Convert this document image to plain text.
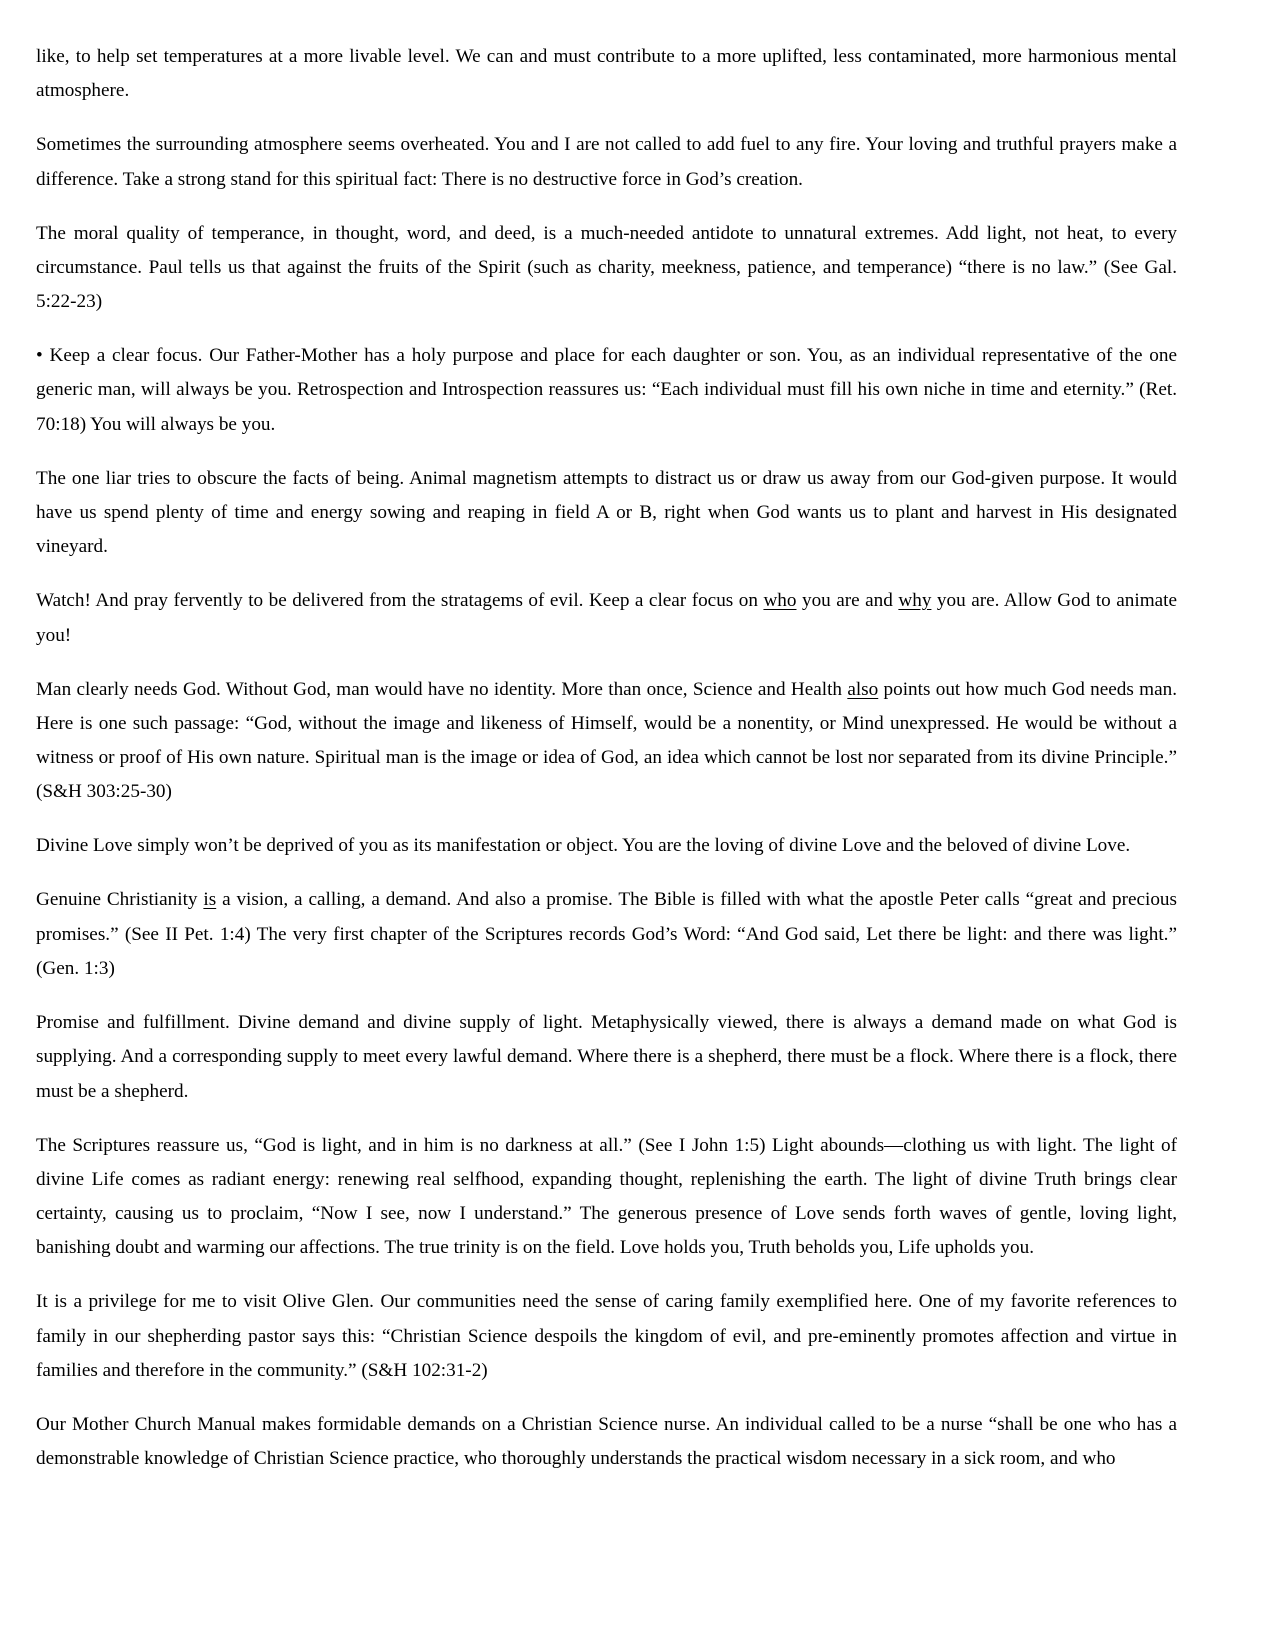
like, to help set temperatures at a more livable level. We can and must contribute to a more uplifted, less contaminated, more harmonious mental atmosphere.

Sometimes the surrounding atmosphere seems overheated. You and I are not called to add fuel to any fire. Your loving and truthful prayers make a difference. Take a strong stand for this spiritual fact: There is no destructive force in God’s creation.

The moral quality of temperance, in thought, word, and deed, is a much-needed antidote to unnatural extremes. Add light, not heat, to every circumstance. Paul tells us that against the fruits of the Spirit (such as charity, meekness, patience, and temperance) “there is no law.” (See Gal. 5:22-23)

• Keep a clear focus. Our Father-Mother has a holy purpose and place for each daughter or son. You, as an individual representative of the one generic man, will always be you. Retrospection and Introspection reassures us: “Each individual must fill his own niche in time and eternity.” (Ret. 70:18) You will always be you.

The one liar tries to obscure the facts of being. Animal magnetism attempts to distract us or draw us away from our God-given purpose. It would have us spend plenty of time and energy sowing and reaping in field A or B, right when God wants us to plant and harvest in His designated vineyard.

Watch! And pray fervently to be delivered from the stratagems of evil. Keep a clear focus on who you are and why you are. Allow God to animate you!

Man clearly needs God. Without God, man would have no identity. More than once, Science and Health also points out how much God needs man. Here is one such passage: “God, without the image and likeness of Himself, would be a nonentity, or Mind unexpressed. He would be without a witness or proof of His own nature. Spiritual man is the image or idea of God, an idea which cannot be lost nor separated from its divine Principle.” (S&H 303:25-30)

Divine Love simply won’t be deprived of you as its manifestation or object. You are the loving of divine Love and the beloved of divine Love.

Genuine Christianity is a vision, a calling, a demand. And also a promise. The Bible is filled with what the apostle Peter calls “great and precious promises.” (See II Pet. 1:4) The very first chapter of the Scriptures records God’s Word: “And God said, Let there be light: and there was light.” (Gen. 1:3)

Promise and fulfillment. Divine demand and divine supply of light. Metaphysically viewed, there is always a demand made on what God is supplying. And a corresponding supply to meet every lawful demand. Where there is a shepherd, there must be a flock. Where there is a flock, there must be a shepherd.

The Scriptures reassure us, “God is light, and in him is no darkness at all.” (See I John 1:5) Light abounds—clothing us with light. The light of divine Life comes as radiant energy: renewing real selfhood, expanding thought, replenishing the earth. The light of divine Truth brings clear certainty, causing us to proclaim, “Now I see, now I understand.” The generous presence of Love sends forth waves of gentle, loving light, banishing doubt and warming our affections. The true trinity is on the field. Love holds you, Truth beholds you, Life upholds you.

It is a privilege for me to visit Olive Glen. Our communities need the sense of caring family exemplified here. One of my favorite references to family in our shepherding pastor says this: “Christian Science despoils the kingdom of evil, and pre-eminently promotes affection and virtue in families and therefore in the community.” (S&H 102:31-2)

Our Mother Church Manual makes formidable demands on a Christian Science nurse. An individual called to be a nurse “shall be one who has a demonstrable knowledge of Christian Science practice, who thoroughly understands the practical wisdom necessary in a sick room, and who
